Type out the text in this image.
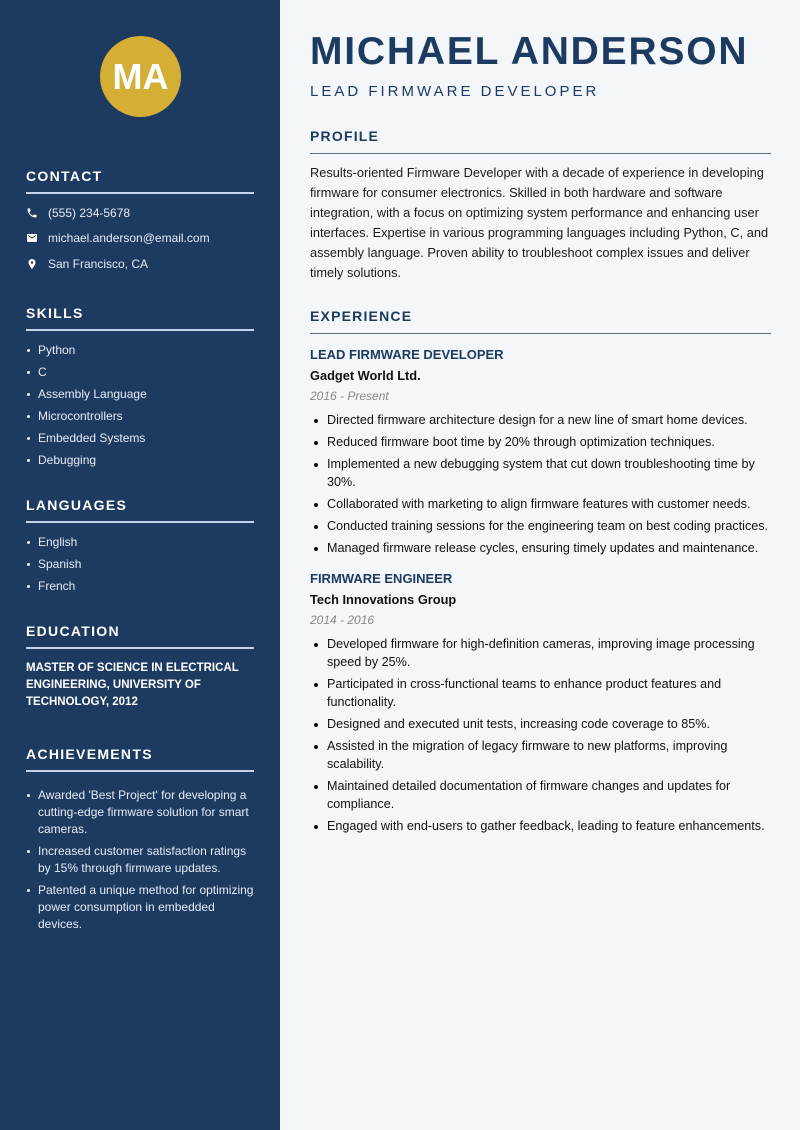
MA
CONTACT
(555) 234-5678
michael.anderson@email.com
San Francisco, CA
SKILLS
Python
C
Assembly Language
Microcontrollers
Embedded Systems
Debugging
LANGUAGES
English
Spanish
French
EDUCATION
MASTER OF SCIENCE IN ELECTRICAL ENGINEERING, UNIVERSITY OF TECHNOLOGY, 2012
ACHIEVEMENTS
Awarded 'Best Project' for developing a cutting-edge firmware solution for smart cameras.
Increased customer satisfaction ratings by 15% through firmware updates.
Patented a unique method for optimizing power consumption in embedded devices.
MICHAEL ANDERSON
LEAD FIRMWARE DEVELOPER
PROFILE

Results-oriented Firmware Developer with a decade of experience in developing firmware for consumer electronics. Skilled in both hardware and software integration, with a focus on optimizing system performance and enhancing user interfaces. Expertise in various programming languages including Python, C, and assembly language. Proven ability to troubleshoot complex issues and deliver timely solutions.

EXPERIENCE
LEAD FIRMWARE DEVELOPER
Gadget World Ltd.
2016 - Present
Directed firmware architecture design for a new line of smart home devices.
Reduced firmware boot time by 20% through optimization techniques.
Implemented a new debugging system that cut down troubleshooting time by 30%.
Collaborated with marketing to align firmware features with customer needs.
Conducted training sessions for the engineering team on best coding practices.
Managed firmware release cycles, ensuring timely updates and maintenance.
FIRMWARE ENGINEER
Tech Innovations Group
2014 - 2016
Developed firmware for high-definition cameras, improving image processing speed by 25%.
Participated in cross-functional teams to enhance product features and functionality.
Designed and executed unit tests, increasing code coverage to 85%.
Assisted in the migration of legacy firmware to new platforms, improving scalability.
Maintained detailed documentation of firmware changes and updates for compliance.
Engaged with end-users to gather feedback, leading to feature enhancements.
